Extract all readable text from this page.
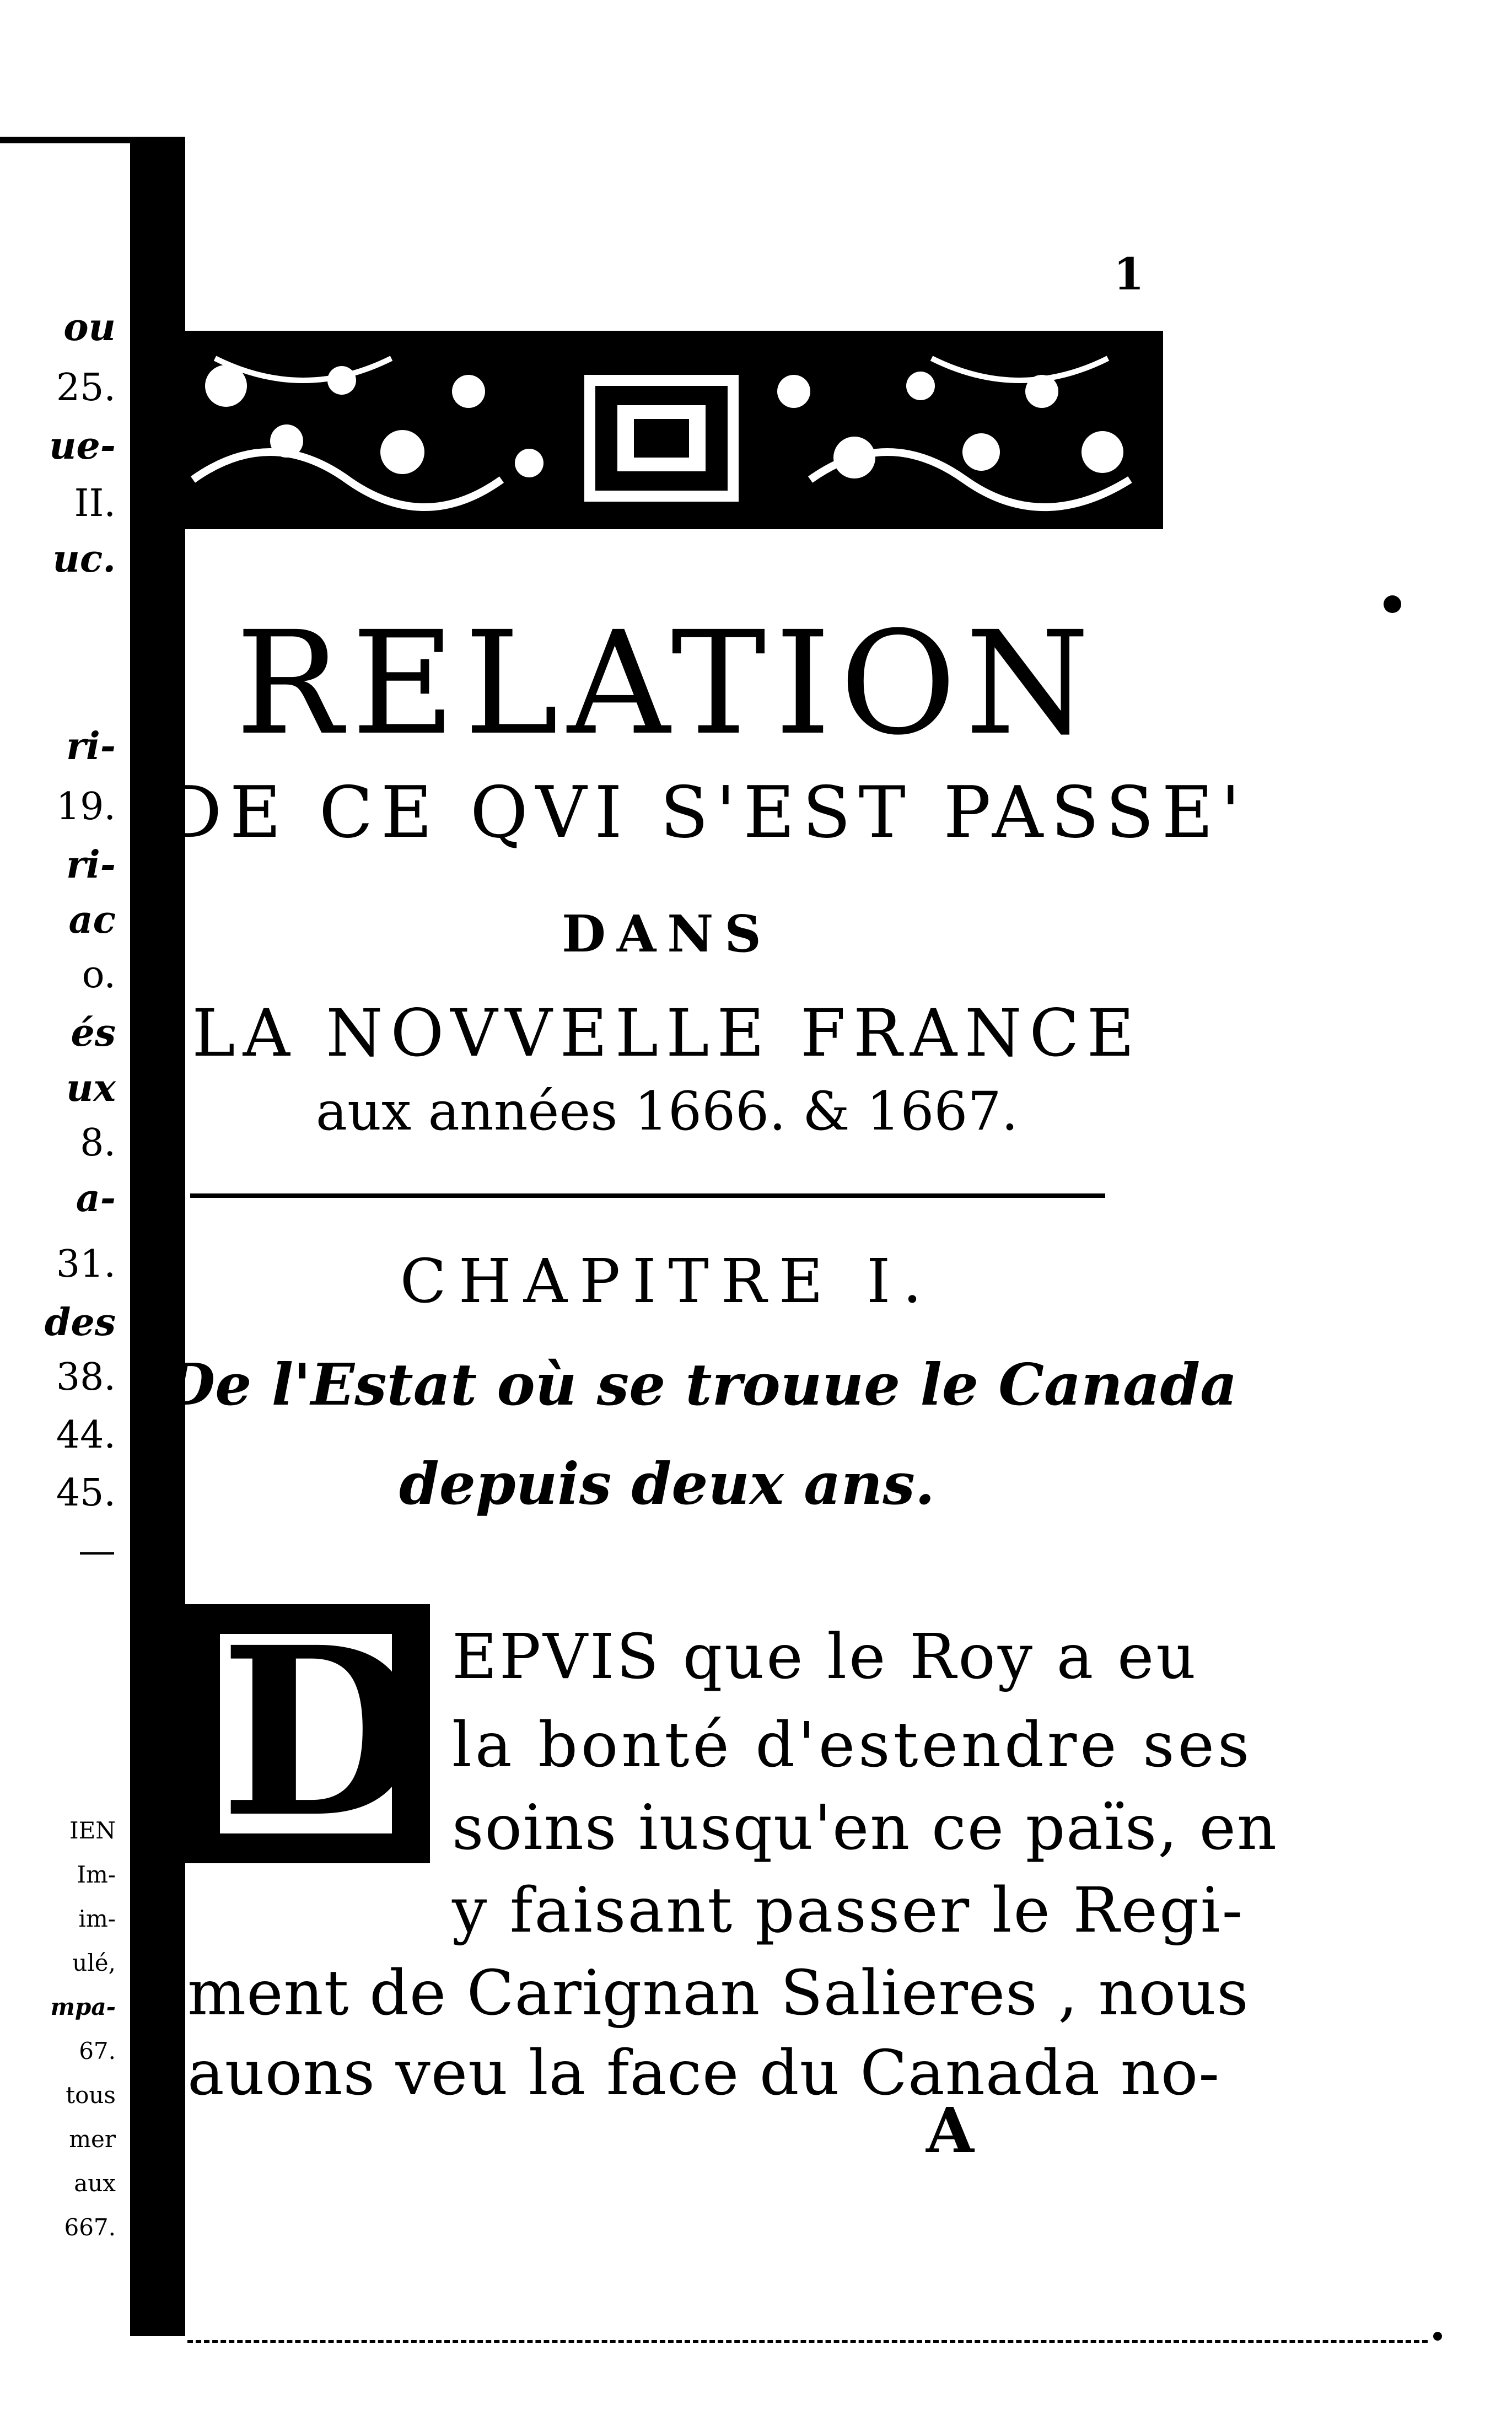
ou
25.
ue-
II.
uc.
ri-
19.
ri-
ac
o.
és
ux
8.
a-
31.
des
38.
44.
45.
—
IEN
Im-
im-
ulé,
mpa-
67.
tous
mer
aux
667.
1
RELATION
DE CE QVI S'EST PASSE'
DANS
LA NOVVELLE FRANCE
aux années 1666. & 1667.
CHAPITRE I.
De l'Estat où se trouue le Canada
depuis deux ans.
D EPVIS que le Roy a eu
la bonté d'estendre ses
soins iusqu'en ce païs, en
y faisant passer le Regi-
ment de Carignan Salieres , nous
auons veu la face du Canada no-
A
